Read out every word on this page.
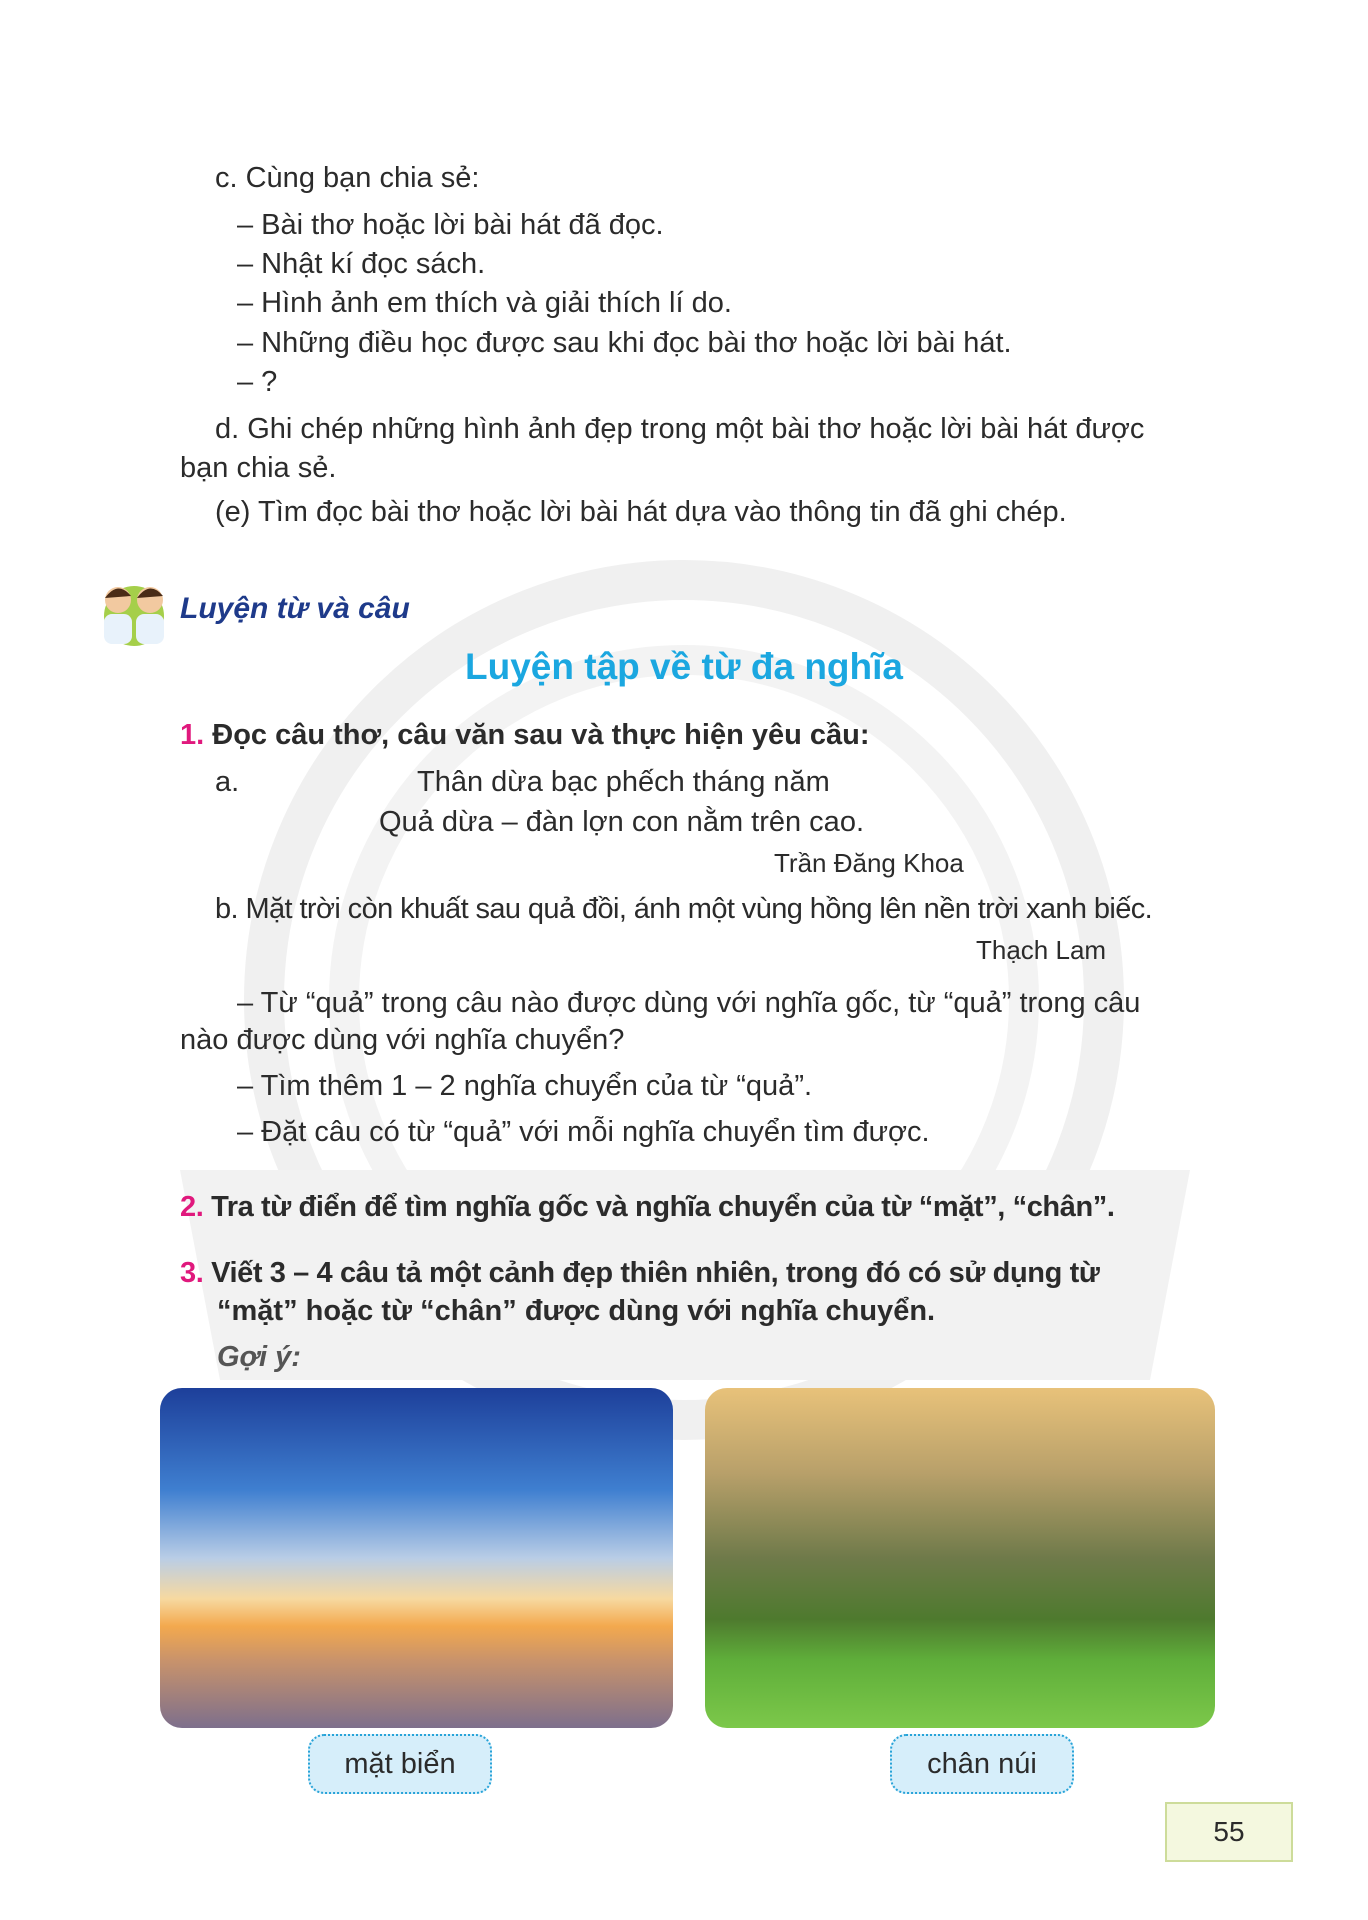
c. Cùng bạn chia sẻ:
– Bài thơ hoặc lời bài hát đã đọc.
– Nhật kí đọc sách.
– Hình ảnh em thích và giải thích lí do.
– Những điều học được sau khi đọc bài thơ hoặc lời bài hát.
– ?
d. Ghi chép những hình ảnh đẹp trong một bài thơ hoặc lời bài hát được
bạn chia sẻ.
(e) Tìm đọc bài thơ hoặc lời bài hát dựa vào thông tin đã ghi chép.
Luyện từ và câu
Luyện tập về từ đa nghĩa
1. Đọc câu thơ, câu văn sau và thực hiện yêu cầu:
a.	Thân dừa bạc phếch tháng năm
Quả dừa – đàn lợn con nằm trên cao.
Trần Đăng Khoa
b. Mặt trời còn khuất sau quả đồi, ánh một vùng hồng lên nền trời xanh biếc.
Thạch Lam
– Từ “quả” trong câu nào được dùng với nghĩa gốc, từ “quả” trong câu
nào được dùng với nghĩa chuyển?
– Tìm thêm 1 – 2 nghĩa chuyển của từ “quả”.
– Đặt câu có từ “quả” với mỗi nghĩa chuyển tìm được.
2. Tra từ điển để tìm nghĩa gốc và nghĩa chuyển của từ “mặt”, “chân”.
3. Viết 3 – 4 câu tả một cảnh đẹp thiên nhiên, trong đó có sử dụng từ
“mặt” hoặc từ “chân” được dùng với nghĩa chuyển.
Gợi ý:
mặt biển	chân núi
55
